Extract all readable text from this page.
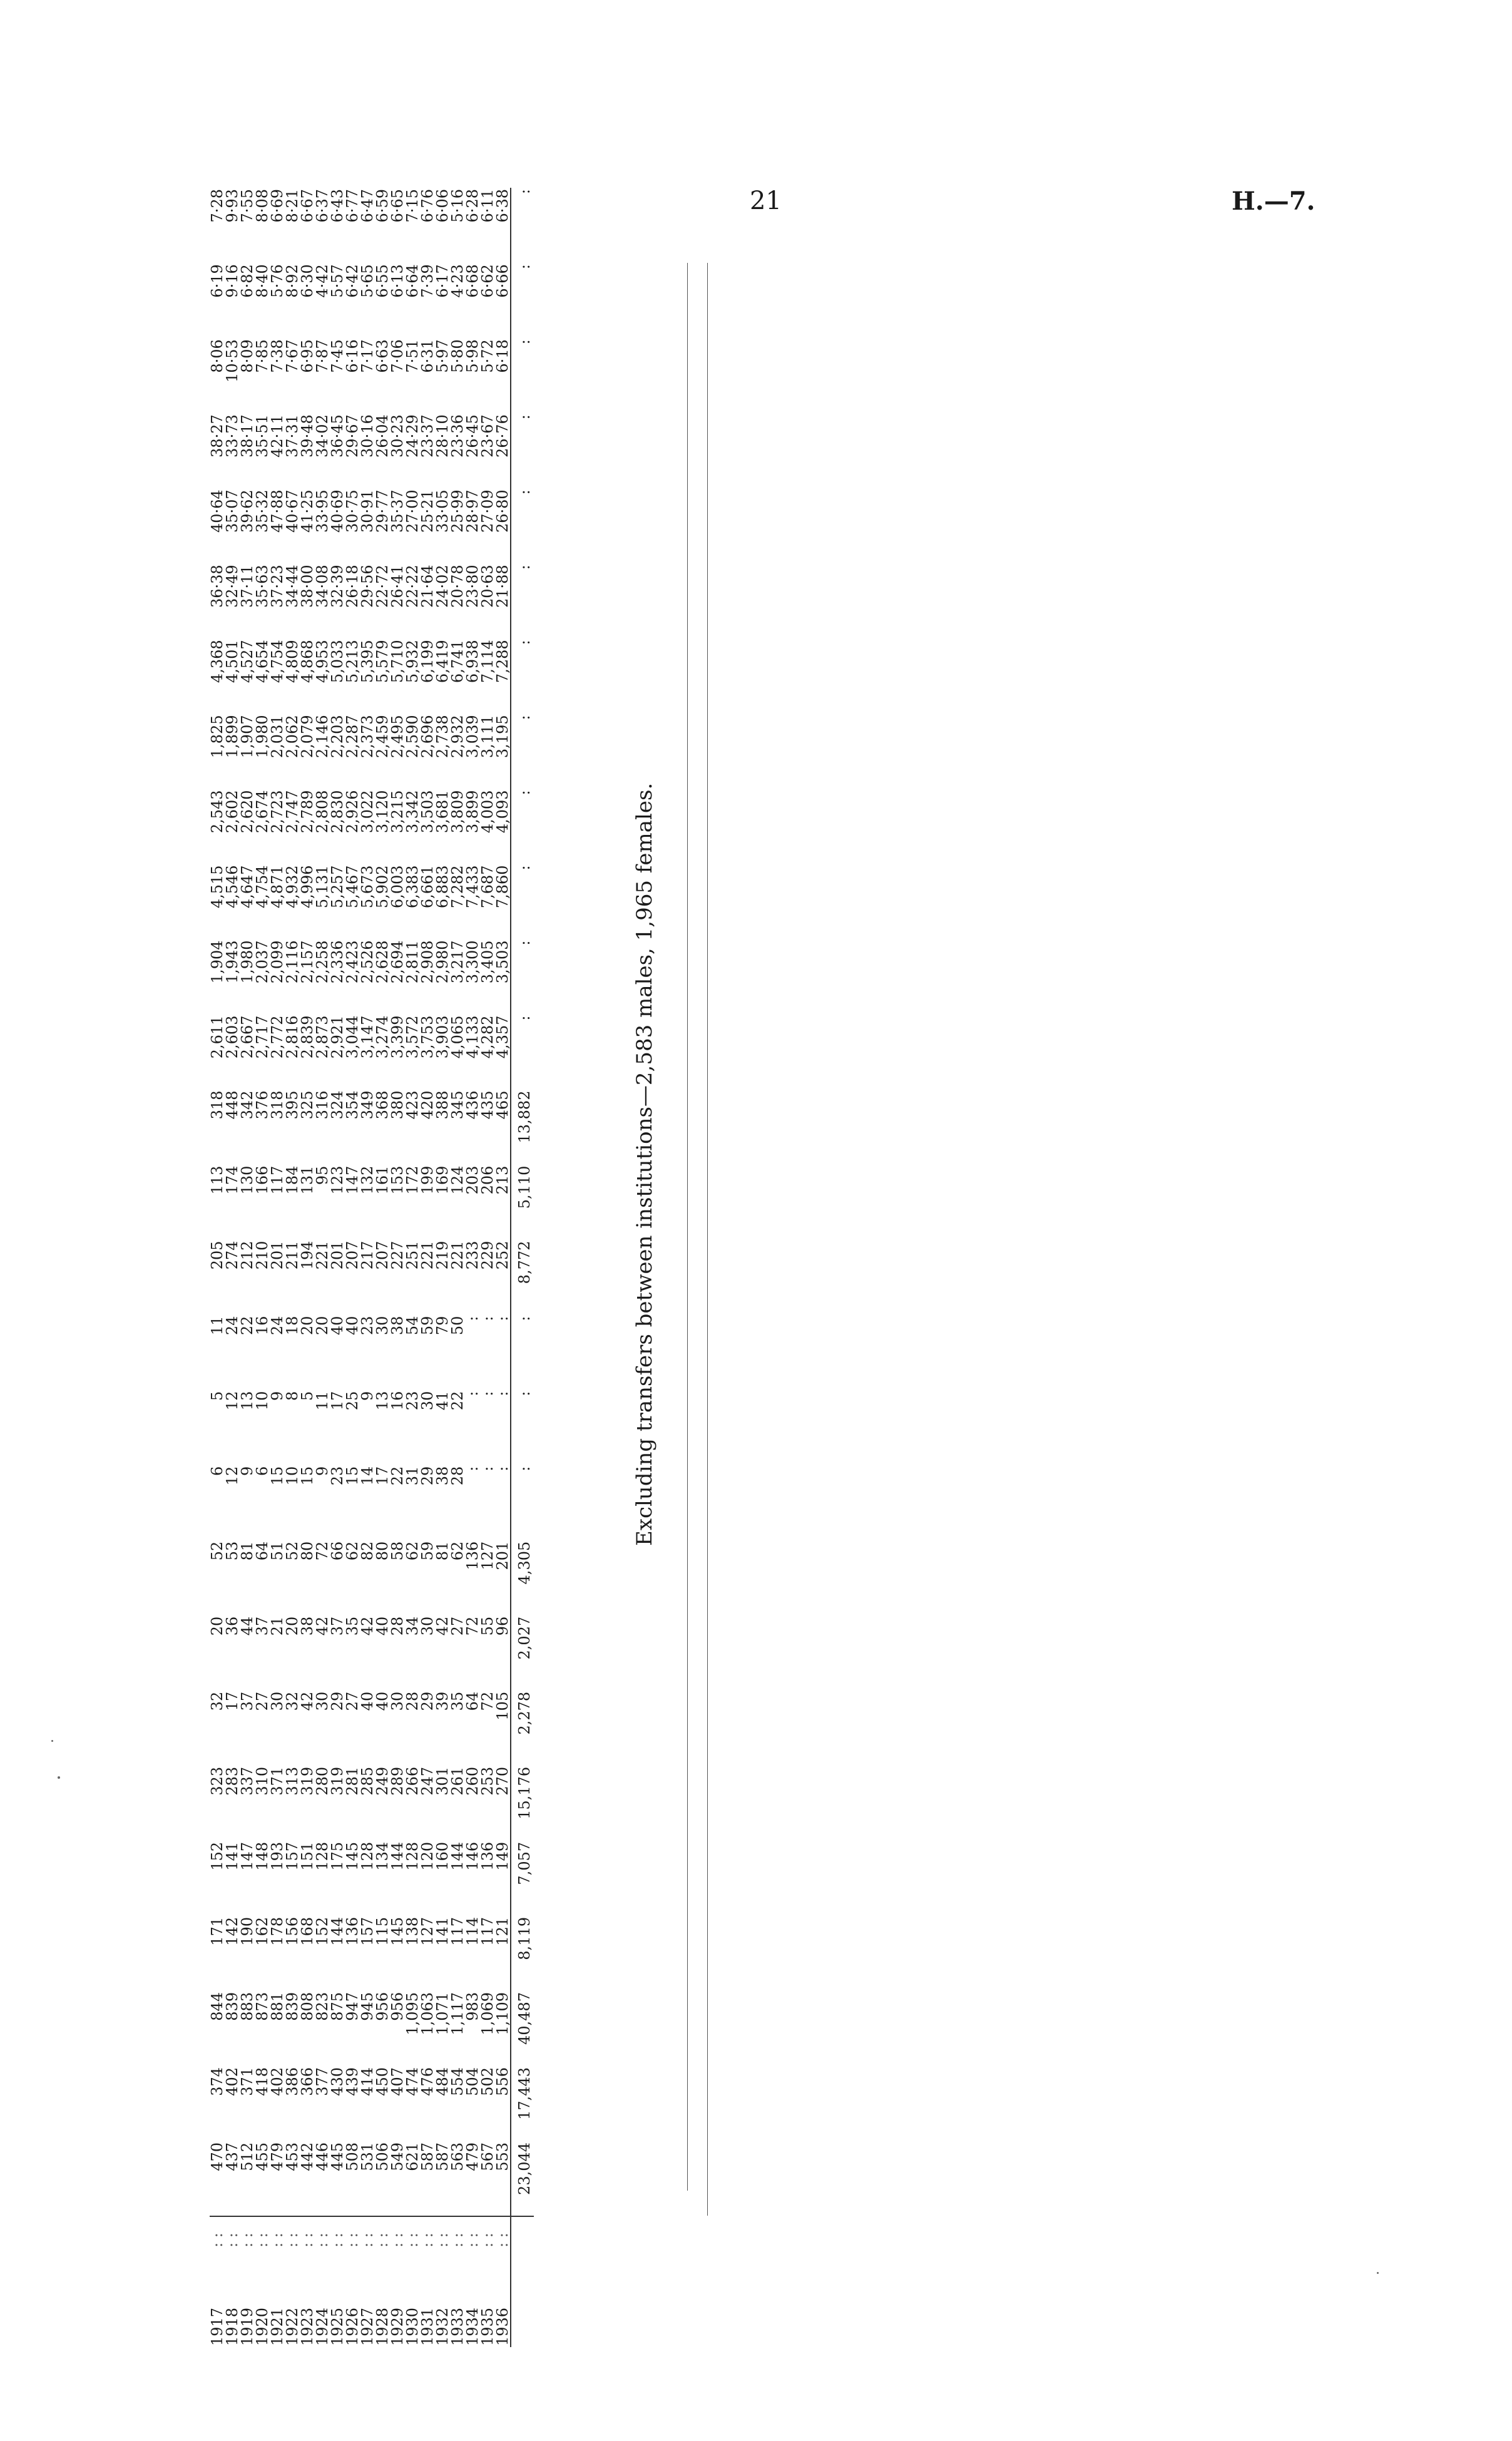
21	H.—7.
1917	: :	470	374	844	171	152	323	32	20	52	6	5	11	205	113	318	2,611	1,904	4,515	2,543	1,825	4,368	36·38	40·64	38·27	8·06	6·19	7·28
1918	: :	437	402	839	142	141	283	17	36	53	12	12	24	274	174	448	2,603	1,943	4,546	2,602	1,899	4,501	32·49	35·07	33·73	10·53	9·16	9·93
1919	: :	512	371	883	190	147	337	37	44	81	9	13	22	212	130	342	2,667	1,980	4,647	2,620	1,907	4,527	37·11	39·62	38·17	8·09	6·82	7·55
1920	: :	455	418	873	162	148	310	27	37	64	6	10	16	210	166	376	2,717	2,037	4,754	2,674	1,980	4,654	35·63	35·32	35·51	7·85	8·40	8·08
1921	: :	479	402	881	178	193	371	30	21	51	15	9	24	201	117	318	2,772	2,099	4,871	2,723	2,031	4,754	37·23	47·88	42·11	7·38	5·76	6·69
1922	: :	453	386	839	156	157	313	32	20	52	10	8	18	211	184	395	2,816	2,116	4,932	2,747	2,062	4,809	34·44	40·67	37·31	7·67	8·92	8·21
1923	: :	442	366	808	168	151	319	42	38	80	15	5	20	194	131	325	2,839	2,157	4,996	2,789	2,079	4,868	38·00	41·25	39·48	6·95	6·30	6·67
1924	: :	446	377	823	152	128	280	30	42	72	9	11	20	221	95	316	2,873	2,258	5,131	2,808	2,146	4,953	34·08	33·95	34·02	7·87	4·42	6·37
1925	: :	445	430	875	144	175	319	29	37	66	23	17	40	201	123	324	2,921	2,336	5,257	2,830	2,203	5,033	32·39	40·69	36·45	7·45	5·57	6·43
1926	: :	508	439	947	136	145	281	27	35	62	15	25	40	207	147	354	3,044	2,423	5,467	2,926	2,287	5,213	26·18	30·75	29·67	6·16	6·42	6·77
1927	: :	531	414	945	157	128	285	40	42	82	14	9	23	217	132	349	3,147	2,526	5,673	3,022	2,373	5,395	29·56	30·91	30·16	7·17	5·65	6·47
1928	: :	506	450	956	115	134	249	40	40	80	17	13	30	207	161	368	3,274	2,628	5,902	3,120	2,459	5,579	22·72	29·77	26·04	6·63	6·55	6·59
1929	: :	549	407	956	145	144	289	30	28	58	22	16	38	227	153	380	3,399	2,694	6,003	3,215	2,495	5,710	26·41	35·37	30·23	7·06	6·13	6·65
1930	: :	621	474	1,095	138	128	266	28	34	62	31	23	54	251	172	423	3,572	2,811	6,383	3,342	2,590	5,932	22·22	27·00	24·29	7·51	6·64	7·15
1931	: :	587	476	1,063	127	120	247	29	30	59	29	30	59	221	199	420	3,753	2,908	6,661	3,503	2,696	6,199	21·64	25·21	23·37	6·31	7·39	6·76
1932	: :	587	484	1,071	141	160	301	39	42	81	38	41	79	219	169	388	3,903	2,980	6,883	3,681	2,738	6,419	24·02	33·05	28·10	5·97	6·17	6·06
1933	: :	563	554	1,117	117	144	261	35	27	62	28	22	50	221	124	345	4,065	3,217	7,282	3,809	2,932	6,741	20·78	25·99	23·36	5·80	4·23	5·16
1934	: :	479	504	983	114	146	260	64	72	136	:	:	:	233	203	436	4,133	3,300	7,433	3,899	3,039	6,938	23·80	28·97	26·45	5·98	6·68	6·28
1935	: :	567	502	1,069	117	136	253	72	55	127	:	:	:	229	206	435	4,282	3,405	7,687	4,003	3,111	7,114	20·63	27·09	23·67	5·72	6·62	6·11
1936	: :	553	556	1,109	121	149	270	105	96	201	:	:	:	252	213	465	4,357	3,503	7,860	4,093	3,195	7,288	21·88	26·80	26·76	6·18	6·66	6·38
		23,044	17,443	40,487	8,119	7,057	15,176	2,278	2,027	4,305	:	:	:	8,772	5,110	13,882	:	:	:	:	:	:	:	:	:	:	:	:
Excluding transfers between institutions—2,583 males, 1,965 females.
